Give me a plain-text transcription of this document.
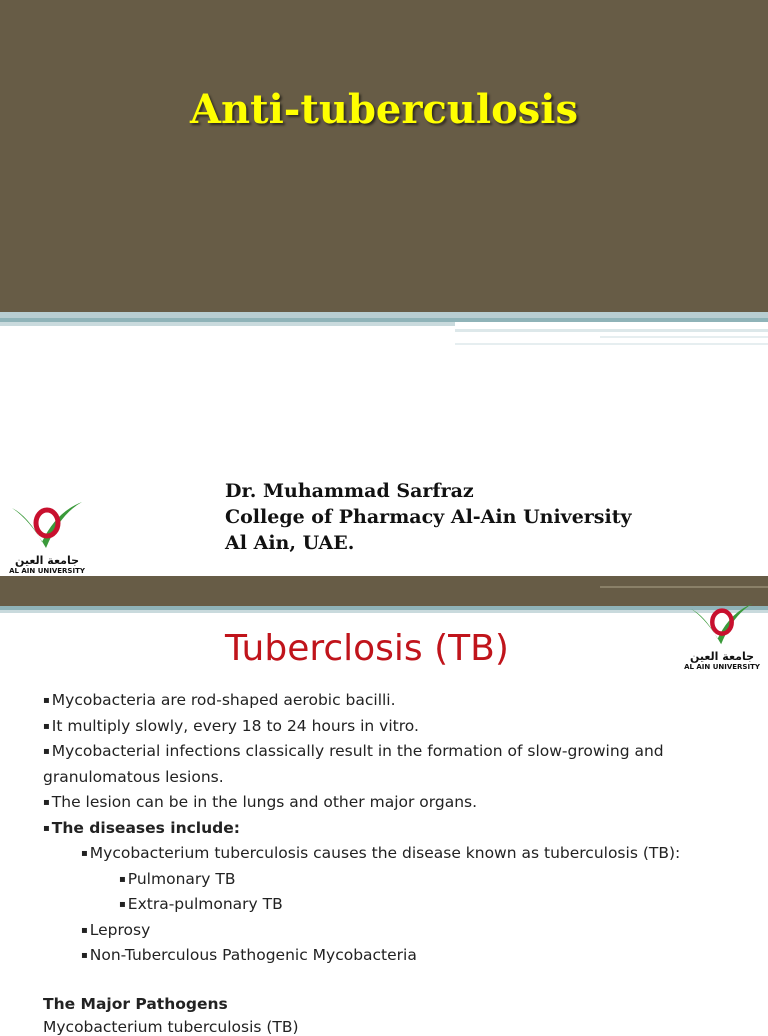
Anti-tuberculosis
جامعة العين
AL AIN UNIVERSITY
Dr. Muhammad Sarfraz
College of Pharmacy Al-Ain University
Al Ain, UAE.
جامعة العين
AL AIN UNIVERSITY
Tuberclosis (TB)
▪ Mycobacteria are rod-shaped aerobic bacilli.
▪ It multiply slowly, every 18 to 24 hours in vitro.
▪ Mycobacterial infections classically result in the formation of slow-growing and
granulomatous lesions.
▪ The lesion can be in the lungs and other major organs.
▪ The diseases include:
▪ Mycobacterium tuberculosis causes the disease known as tuberculosis (TB):
▪ Pulmonary TB
▪ Extra-pulmonary TB
▪ Leprosy
▪ Non-Tuberculous Pathogenic Mycobacteria
The Major Pathogens
Mycobacterium tuberculosis (TB)
